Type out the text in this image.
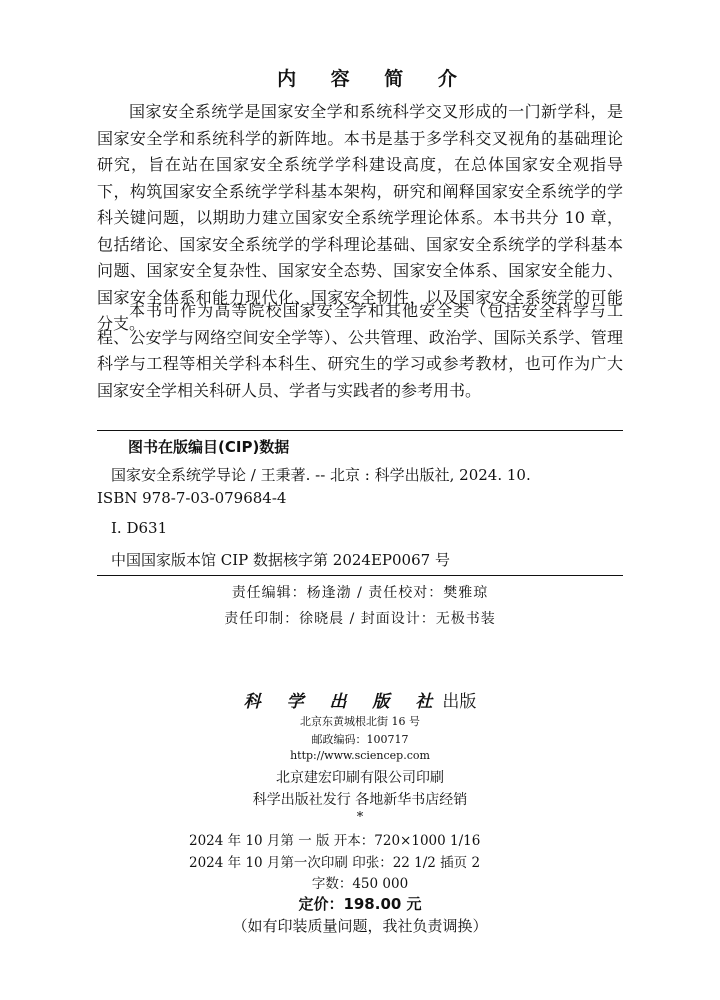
内 容 简 介

国家安全系统学是国家安全学和系统科学交叉形成的一门新学科，是国家安全学和系统科学的新阵地。本书是基于多学科交叉视角的基础理论研究，旨在站在国家安全系统学学科建设高度，在总体国家安全观指导下，构筑国家安全系统学学科基本架构，研究和阐释国家安全系统学的学科关键问题，以期助力建立国家安全系统学理论体系。本书共分 10 章，包括绪论、国家安全系统学的学科理论基础、国家安全系统学的学科基本问题、国家安全复杂性、国家安全态势、国家安全体系、国家安全能力、国家安全体系和能力现代化、国家安全韧性，以及国家安全系统学的可能分支。

本书可作为高等院校国家安全学和其他安全类（包括安全科学与工程、公安学与网络空间安全学等）、公共管理、政治学、国际关系学、管理科学与工程等相关学科本科生、研究生的学习或参考教材，也可作为广大国家安全学相关科研人员、学者与实践者的参考用书。

图书在版编目(CIP)数据
国家安全系统学导论 / 王秉著. -- 北京 : 科学出版社, 2024. 10.
ISBN 978-7-03-079684-4
Ⅰ. D631
中国国家版本馆 CIP 数据核字第 2024EP0067 号
责任编辑：杨逢渤 / 责任校对：樊雅琼
责任印制：徐晓晨 / 封面设计：无极书装
科 学 出 版 社出版
北京东黄城根北街 16 号
邮政编码：100717
http://www.sciencep.com
北京建宏印刷有限公司印刷
科学出版社发行 各地新华书店经销
*
2024 年 10 月第 一 版 开本：720×1000 1/16
2024 年 10 月第一次印刷 印张：22 1/2 插页 2
字数：450 000
定价：198.00 元
（如有印装质量问题，我社负责调换）
